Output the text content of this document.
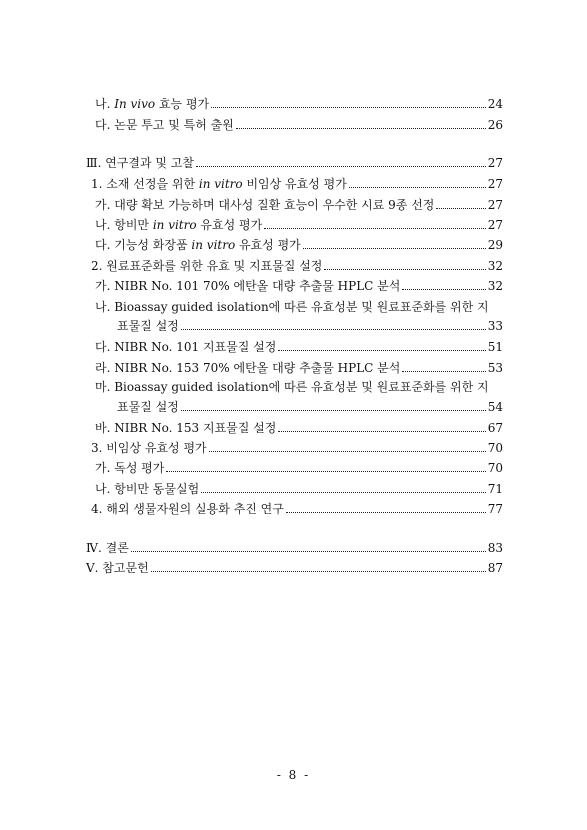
나. In vivo 효능 평가	24
다. 논문 투고 및 특허 출원	26
Ⅲ. 연구결과 및 고찰	27
1. 소재 선정을 위한 in vitro 비임상 유효성 평가	27
가. 대량 확보 가능하며 대사성 질환 효능이 우수한 시료 9종 선정	27
나. 항비만 in vitro 유효성 평가	27
다. 기능성 화장품 in vitro 유효성 평가	29
2. 원료표준화를 위한 유효 및 지표물질 설정	32
가. NIBR No. 101 70% 에탄올 대량 추출물 HPLC 분석	32
나. Bioassay guided isolation에 따른 유효성분 및 원료표준화를 위한 지
표물질 설정	33
다. NIBR No. 101 지표물질 설정	51
라. NIBR No. 153 70% 에탄올 대량 추출물 HPLC 분석	53
마. Bioassay guided isolation에 따른 유효성분 및 원료표준화를 위한 지
표물질 설정	54
바. NIBR No. 153 지표물질 설정	67
3. 비임상 유효성 평가	70
가. 독성 평가	70
나. 항비만 동물실험	71
4. 해외 생물자원의 실용화 추진 연구	77
Ⅳ. 결론	83
Ⅴ. 참고문헌	87
- 8 -
